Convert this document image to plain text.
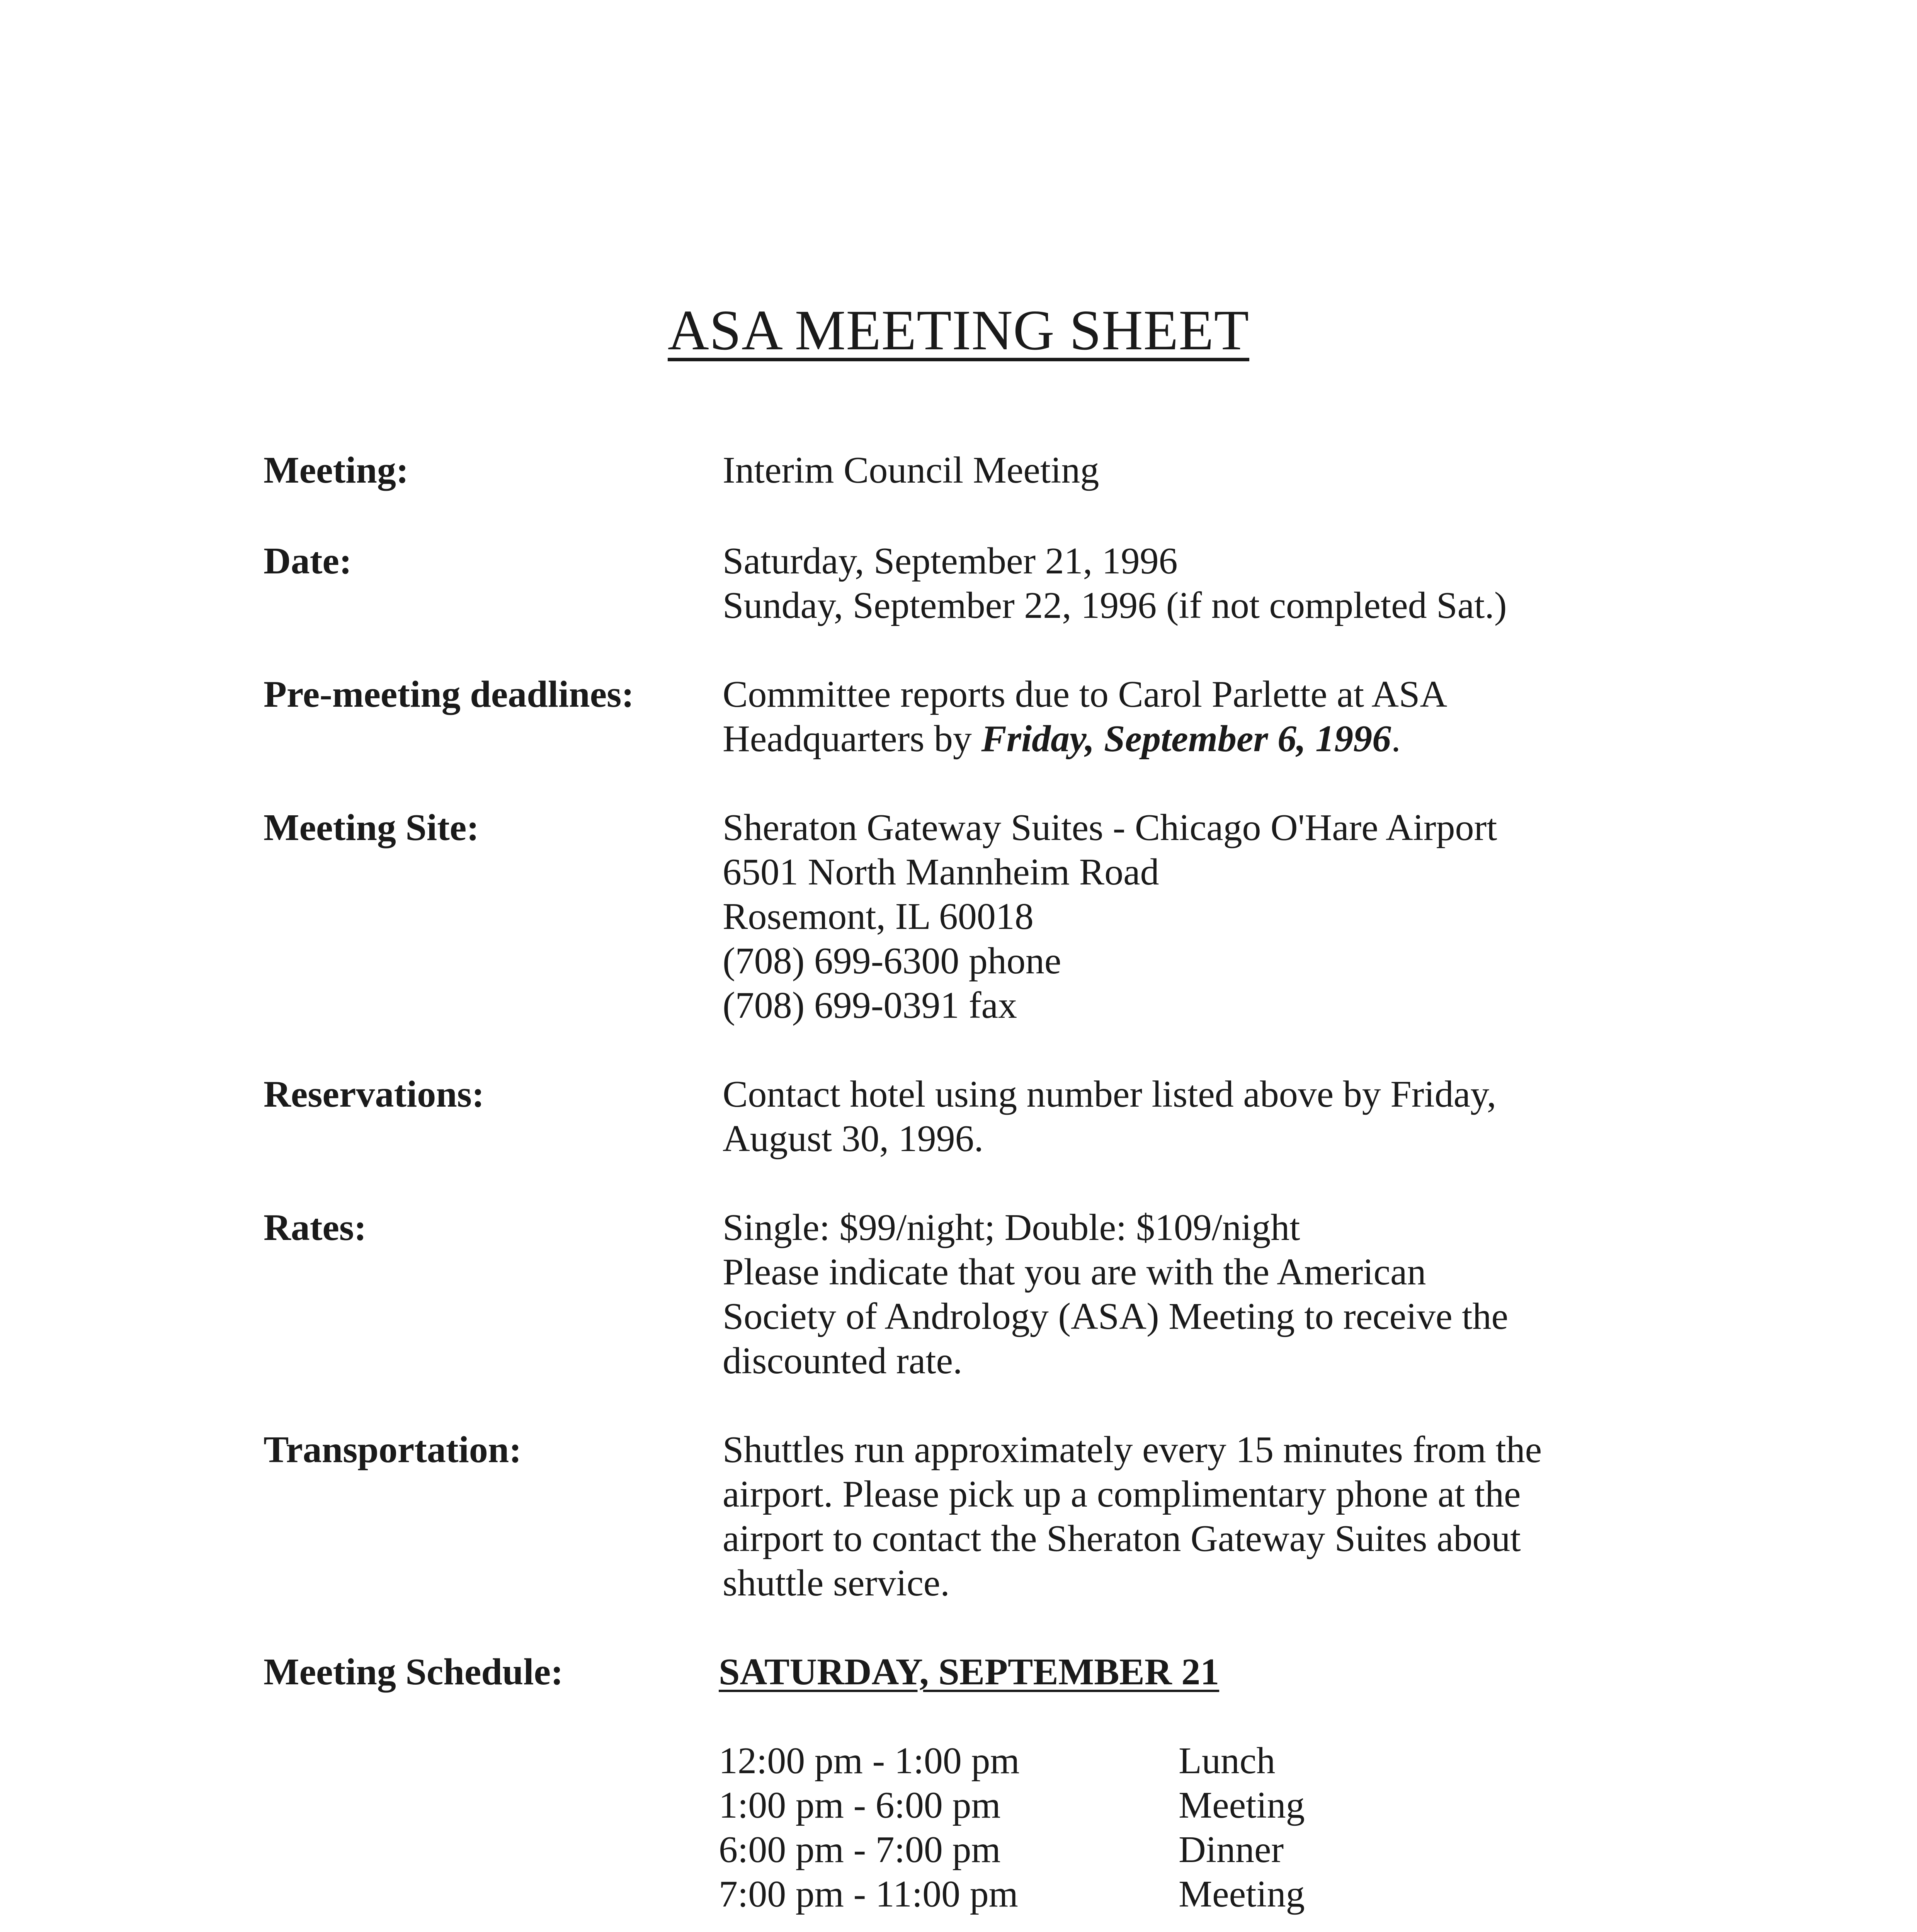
ASA MEETING SHEET
Meeting:	Interim Council Meeting
Date:	Saturday, September 21, 1996
Sunday, September 22, 1996 (if not completed Sat.)
Pre-meeting deadlines:	Committee reports due to Carol Parlette at ASA
Headquarters by Friday, September 6, 1996.
Meeting Site:	Sheraton Gateway Suites - Chicago O'Hare Airport
6501 North Mannheim Road
Rosemont, IL 60018
(708) 699-6300 phone
(708) 699-0391 fax
Reservations:	Contact hotel using number listed above by Friday,
August 30, 1996.
Rates:	Single: $99/night; Double: $109/night
Please indicate that you are with the American
Society of Andrology (ASA) Meeting to receive the
discounted rate.
Transportation:	Shuttles run approximately every 15 minutes from the
airport. Please pick up a complimentary phone at the
airport to contact the Sheraton Gateway Suites about
shuttle service.
Meeting Schedule:	SATURDAY, SEPTEMBER 21
12:00 pm - 1:00 pm	Lunch
1:00 pm - 6:00 pm	Meeting
6:00 pm - 7:00 pm	Dinner
7:00 pm - 11:00 pm	Meeting
